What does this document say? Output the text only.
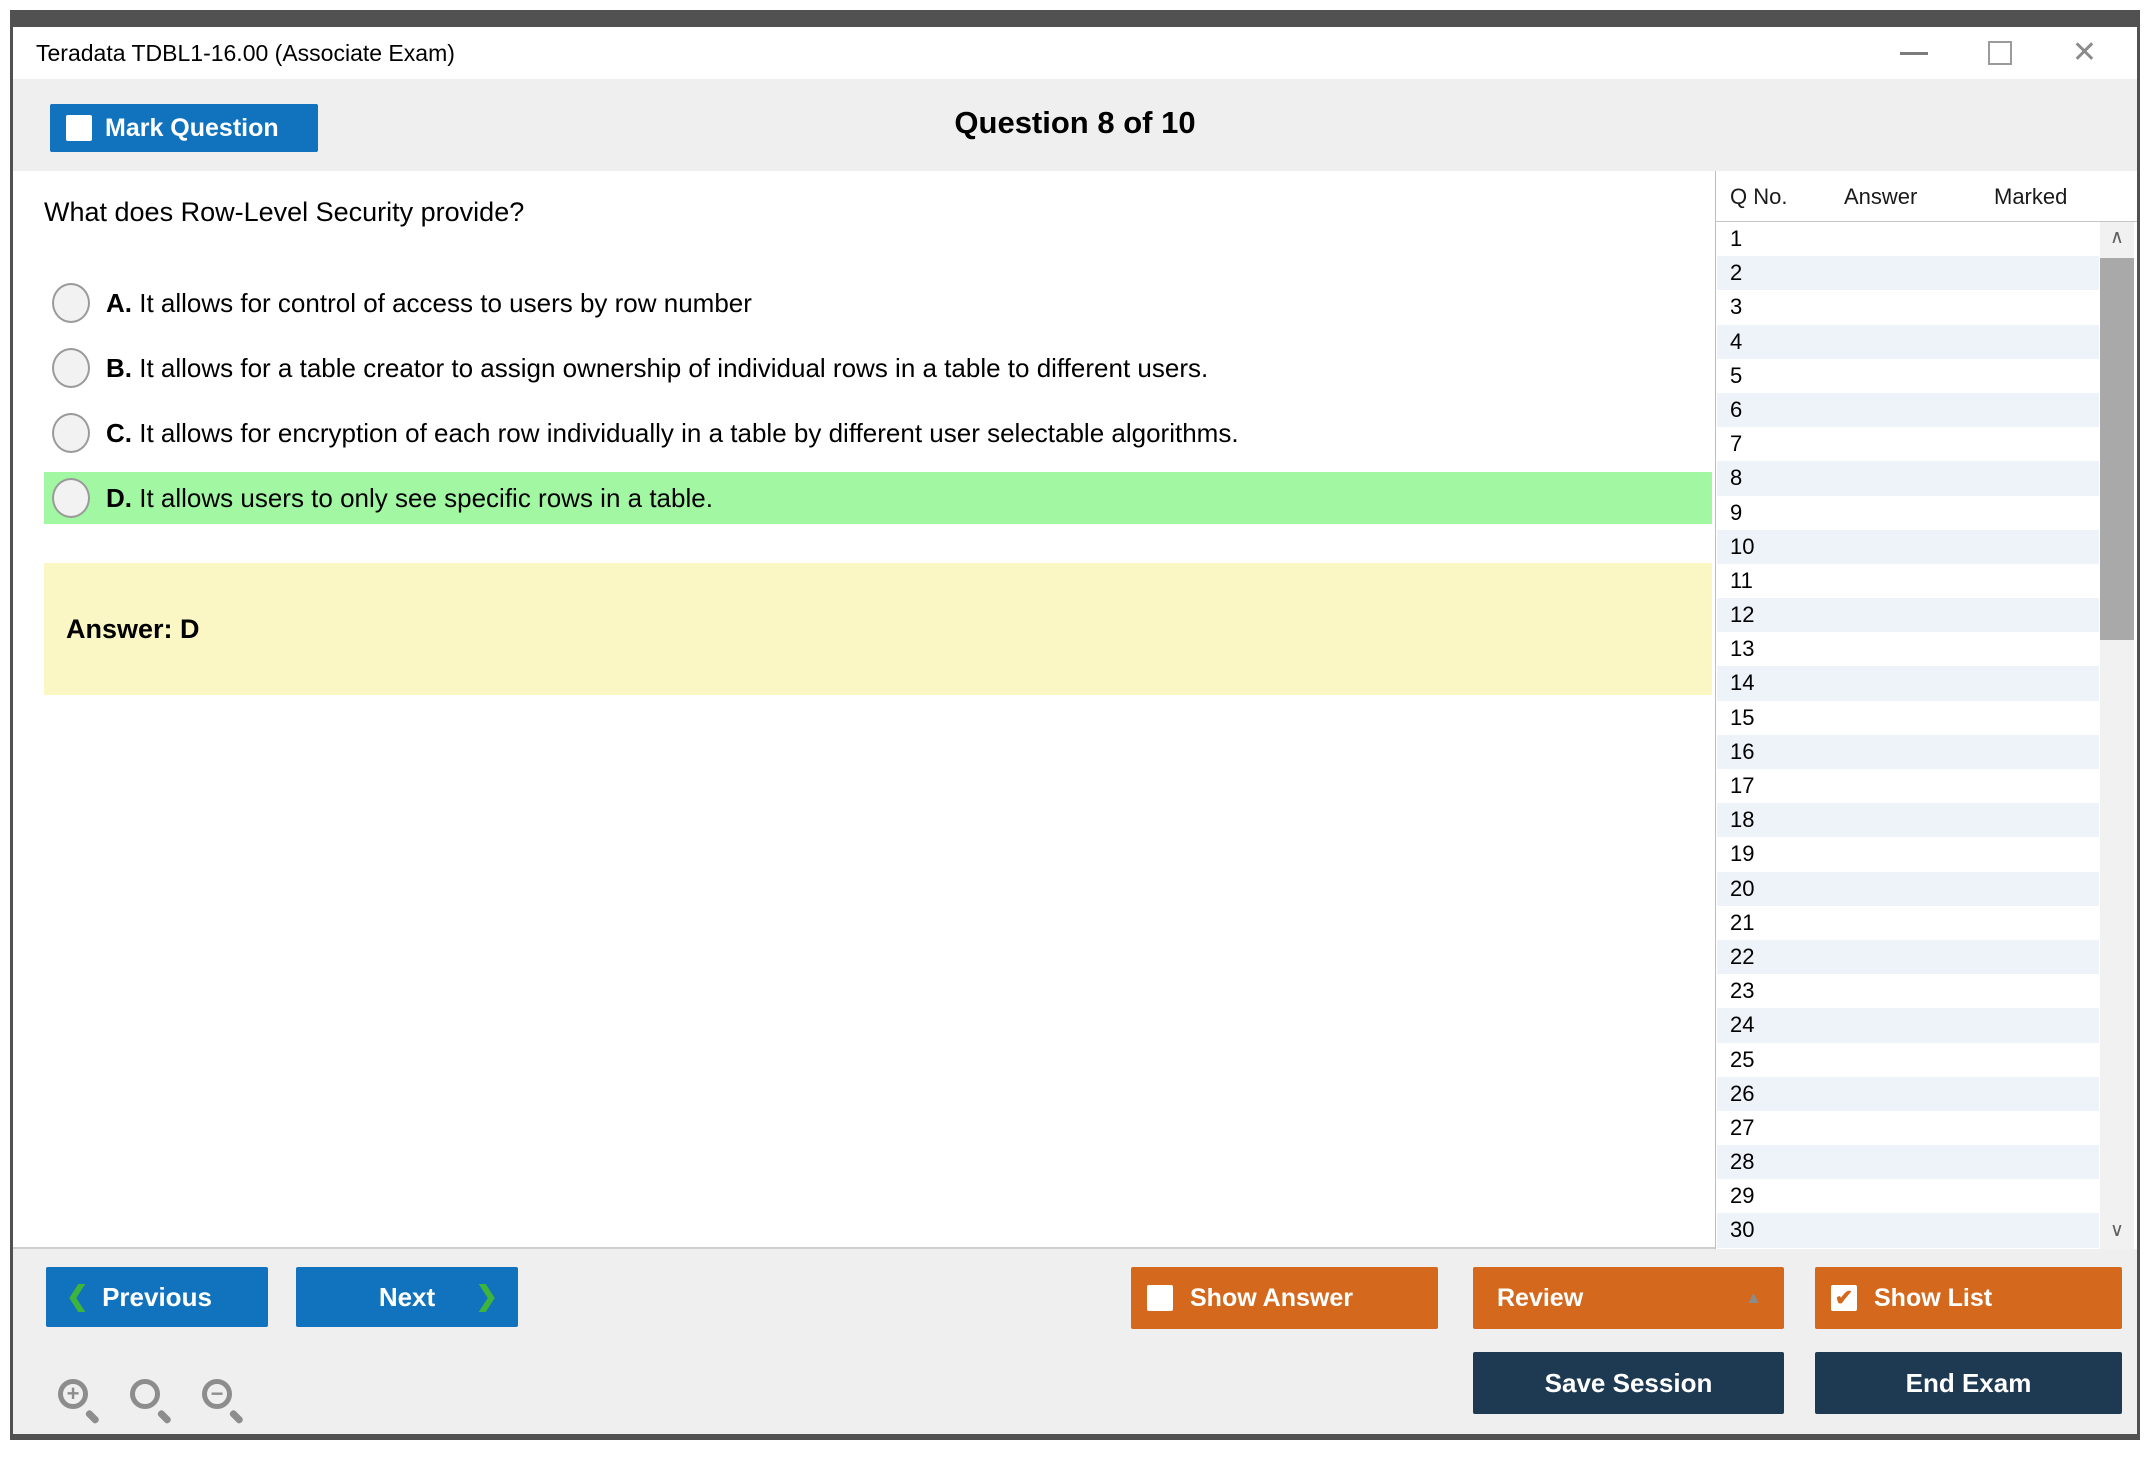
Teradata TDBL1-16.00 (Associate Exam)	✕
Mark Question	Question 8 of 10
What does Row-Level Security provide?
A. It allows for control of access to users by row number
B. It allows for a table creator to assign ownership of individual rows in a table to different users.
C. It allows for encryption of each row individually in a table by different user selectable algorithms.
D. It allows users to only see specific rows in a table.
Answer: D
Q No.	Answer	Marked
1
2
3
4
5
6
7
8
9
10
11
12
13
14
15
16
17
18
19
20
21
22
23
24
25
26
27
28
29
30
∧
∨
❮ Previous	Next ❯	Show Answer	Review	▲	✔ Show List
Save Session	End Exam
+	−
